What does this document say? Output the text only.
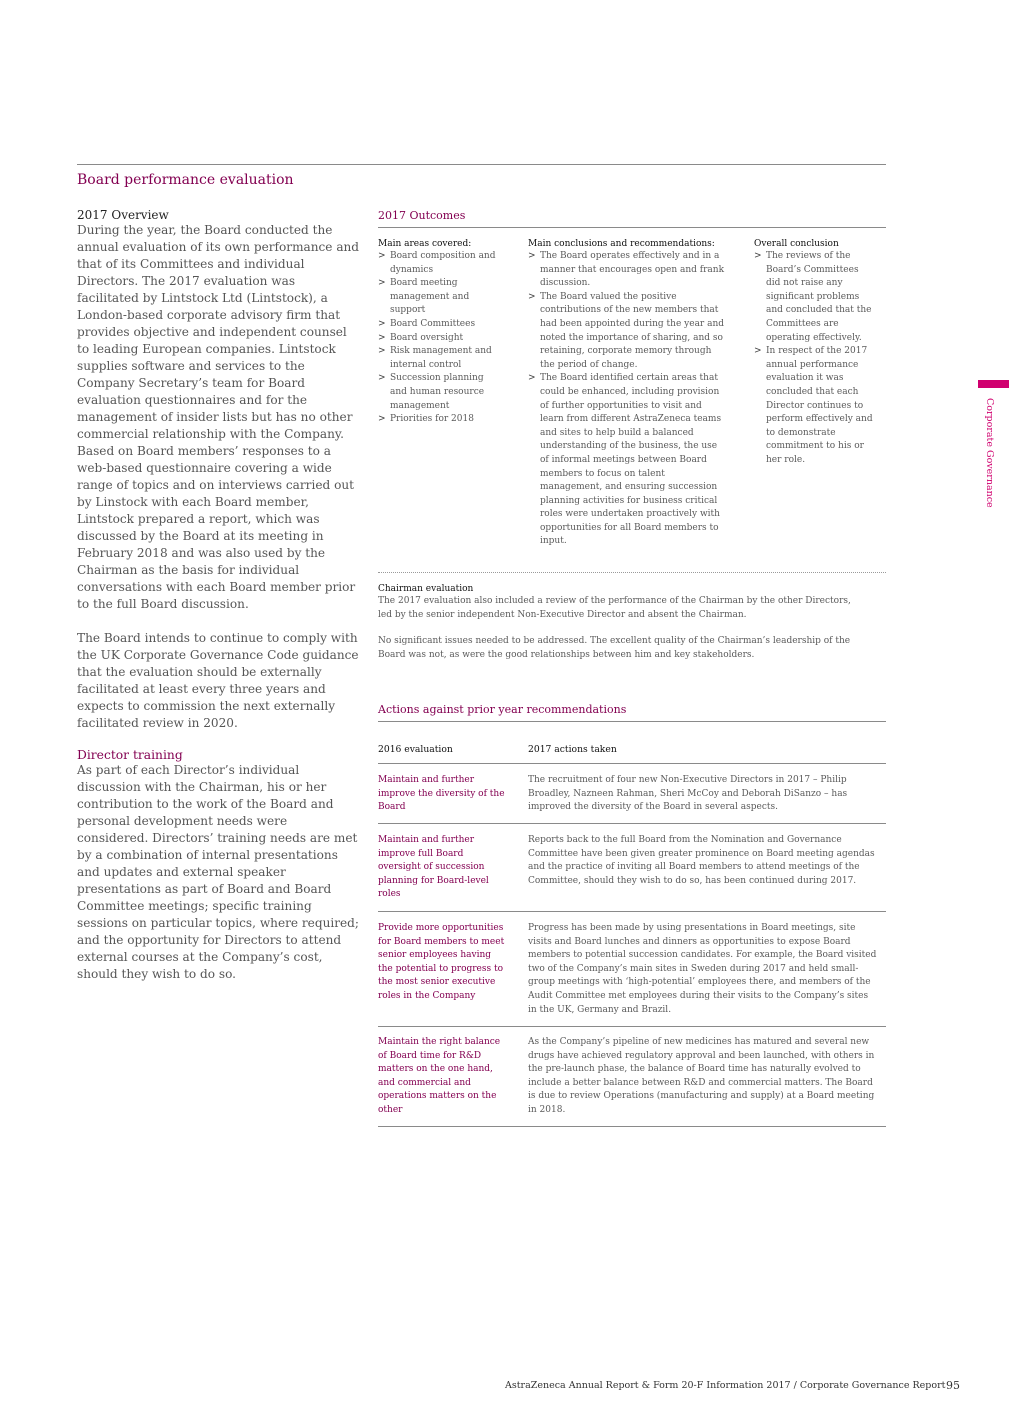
Board performance evaluation

2017 Overview

During the year, the Board conducted the annual evaluation of its own performance and that of its Committees and individual Directors. The 2017 evaluation was facilitated by Lintstock Ltd (Lintstock), a London-based corporate advisory firm that provides objective and independent counsel to leading European companies. Lintstock supplies software and services to the Company Secretary’s team for Board evaluation questionnaires and for the management of insider lists but has no other commercial relationship with the Company. Based on Board members’ responses to a web-based questionnaire covering a wide range of topics and on interviews carried out by Linstock with each Board member, Lintstock prepared a report, which was discussed by the Board at its meeting in February 2018 and was also used by the Chairman as the basis for individual conversations with each Board member prior to the full Board discussion.

The Board intends to continue to comply with the UK Corporate Governance Code guidance that the evaluation should be externally facilitated at least every three years and expects to commission the next externally facilitated review in 2020.

Director training

As part of each Director’s individual discussion with the Chairman, his or her contribution to the work of the Board and personal development needs were considered. Directors’ training needs are met by a combination of internal presentations and updates and external speaker presentations as part of Board and Board Committee meetings; specific training sessions on particular topics, where required; and the opportunity for Directors to attend external courses at the Company’s cost, should they wish to do so.

2017 Outcomes

Main areas covered:

> Board composition and dynamics
> Board meeting management and support
> Board Committees
> Board oversight
> Risk management and internal control
> Succession planning and human resource management
> Priorities for 2018

Main conclusions and recommendations:

> The Board operates effectively and in a manner that encourages open and frank discussion.
> The Board valued the positive contributions of the new members that had been appointed during the year and noted the importance of sharing, and so retaining, corporate memory through the period of change.
> The Board identified certain areas that could be enhanced, including provision of further opportunities to visit and learn from different AstraZeneca teams and sites to help build a balanced understanding of the business, the use of informal meetings between Board members to focus on talent management, and ensuring succession planning activities for business critical roles were undertaken proactively with opportunities for all Board members to input.

Overall conclusion

> The reviews of the Board’s Committees did not raise any significant problems and concluded that the Committees are operating effectively.
> In respect of the 2017 annual performance evaluation it was concluded that each Director continues to perform effectively and to demonstrate commitment to his or her role.

Chairman evaluation

The 2017 evaluation also included a review of the performance of the Chairman by the other Directors, led by the senior independent Non-Executive Director and absent the Chairman.

No significant issues needed to be addressed. The excellent quality of the Chairman’s leadership of the Board was not, as were the good relationships between him and key stakeholders.

Actions against prior year recommendations

2016 evaluation	2017 actions taken
Maintain and further improve the diversity of the Board
The recruitment of four new Non-Executive Directors in 2017 – Philip Broadley, Nazneen Rahman, Sheri McCoy and Deborah DiSanzo – has improved the diversity of the Board in several aspects.
Maintain and further improve full Board oversight of succession planning for Board-level roles
Reports back to the full Board from the Nomination and Governance Committee have been given greater prominence on Board meeting agendas and the practice of inviting all Board members to attend meetings of the Committee, should they wish to do so, has been continued during 2017.
Provide more opportunities for Board members to meet senior employees having the potential to progress to the most senior executive roles in the Company
Progress has been made by using presentations in Board meetings, site visits and Board lunches and dinners as opportunities to expose Board members to potential succession candidates. For example, the Board visited two of the Company’s main sites in Sweden during 2017 and held small-group meetings with ‘high-potential’ employees there, and members of the Audit Committee met employees during their visits to the Company’s sites in the UK, Germany and Brazil.
Maintain the right balance of Board time for R&D matters on the one hand, and commercial and operations matters on the other
As the Company’s pipeline of new medicines has matured and several new drugs have achieved regulatory approval and been launched, with others in the pre-launch phase, the balance of Board time has naturally evolved to include a better balance between R&D and commercial matters. The Board is due to review Operations (manufacturing and supply) at a Board meeting in 2018.
Corporate Governance
AstraZeneca Annual Report & Form 20-F Information 2017 / Corporate Governance Report 95
